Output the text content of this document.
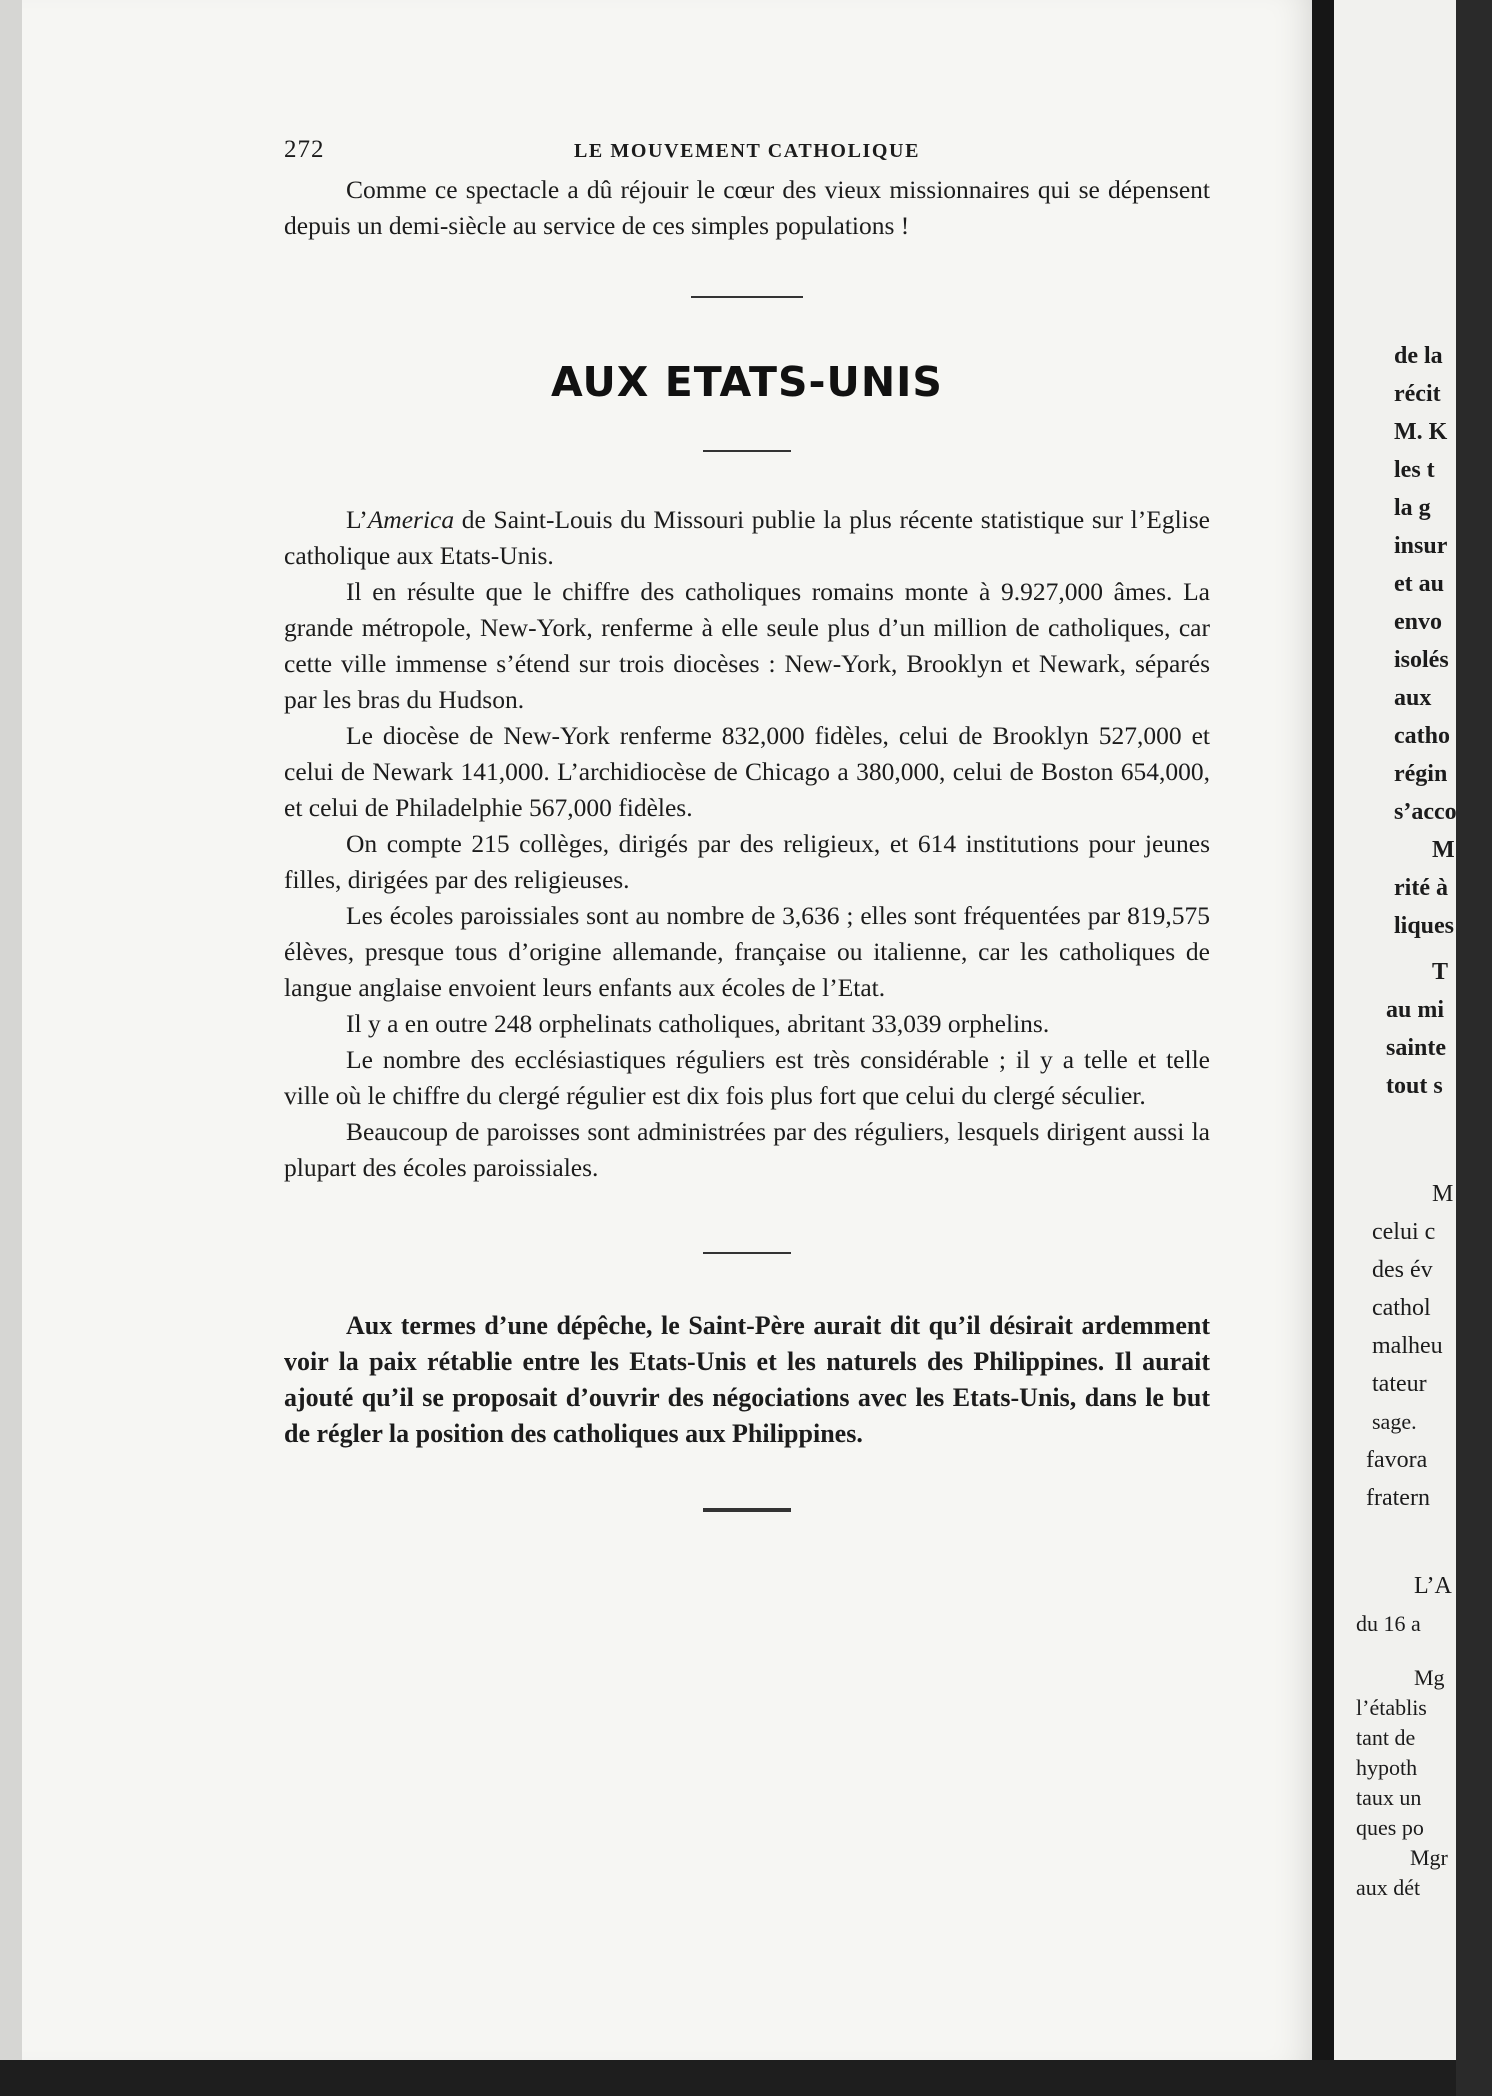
272	LE MOUVEMENT CATHOLIQUE

Comme ce spectacle a dû réjouir le cœur des vieux missionnaires qui se dépensent depuis un demi-siècle au service de ces simples populations !

AUX ETATS-UNIS

L’America de Saint-Louis du Missouri publie la plus récente statistique sur l’Eglise catholique aux Etats-Unis.

Il en résulte que le chiffre des catholiques romains monte à 9.927,000 âmes. La grande métropole, New-York, renferme à elle seule plus d’un million de catholiques, car cette ville immense s’étend sur trois diocèses : New-York, Brooklyn et Newark, séparés par les bras du Hudson.

Le diocèse de New-York renferme 832,000 fidèles, celui de Brooklyn 527,000 et celui de Newark 141,000. L’archidiocèse de Chicago a 380,000, celui de Boston 654,000, et celui de Philadelphie 567,000 fidèles.

On compte 215 collèges, dirigés par des religieux, et 614 institutions pour jeunes filles, dirigées par des religieuses.

Les écoles paroissiales sont au nombre de 3,636 ; elles sont fréquentées par 819,575 élèves, presque tous d’origine allemande, française ou italienne, car les catholiques de langue anglaise envoient leurs enfants aux écoles de l’Etat.

Il y a en outre 248 orphelinats catholiques, abritant 33,039 orphelins.

Le nombre des ecclésiastiques réguliers est très considérable ; il y a telle et telle ville où le chiffre du clergé régulier est dix fois plus fort que celui du clergé séculier.

Beaucoup de paroisses sont administrées par des réguliers, lesquels dirigent aussi la plupart des écoles paroissiales.

Aux termes d’une dépêche, le Saint-Père aurait dit qu’il désirait ardemment voir la paix rétablie entre les Etats-Unis et les naturels des Philippines. Il aurait ajouté qu’il se proposait d’ouvrir des négociations avec les Etats-Unis, dans le but de régler la position des catholiques aux Philippines.

de la
récit
M. K
les t
la g
insur
et au
envo
isolés
aux
catho
régin
s’acco
M
rité à
liques
T
au mi
sainte
tout s
M
celui c
des év
cathol
malheu
tateur
sage.
favora
fratern
L’A
du 16 a
Mg
l’établis
tant de
hypoth
taux un
ques po
Mgr
aux dét
